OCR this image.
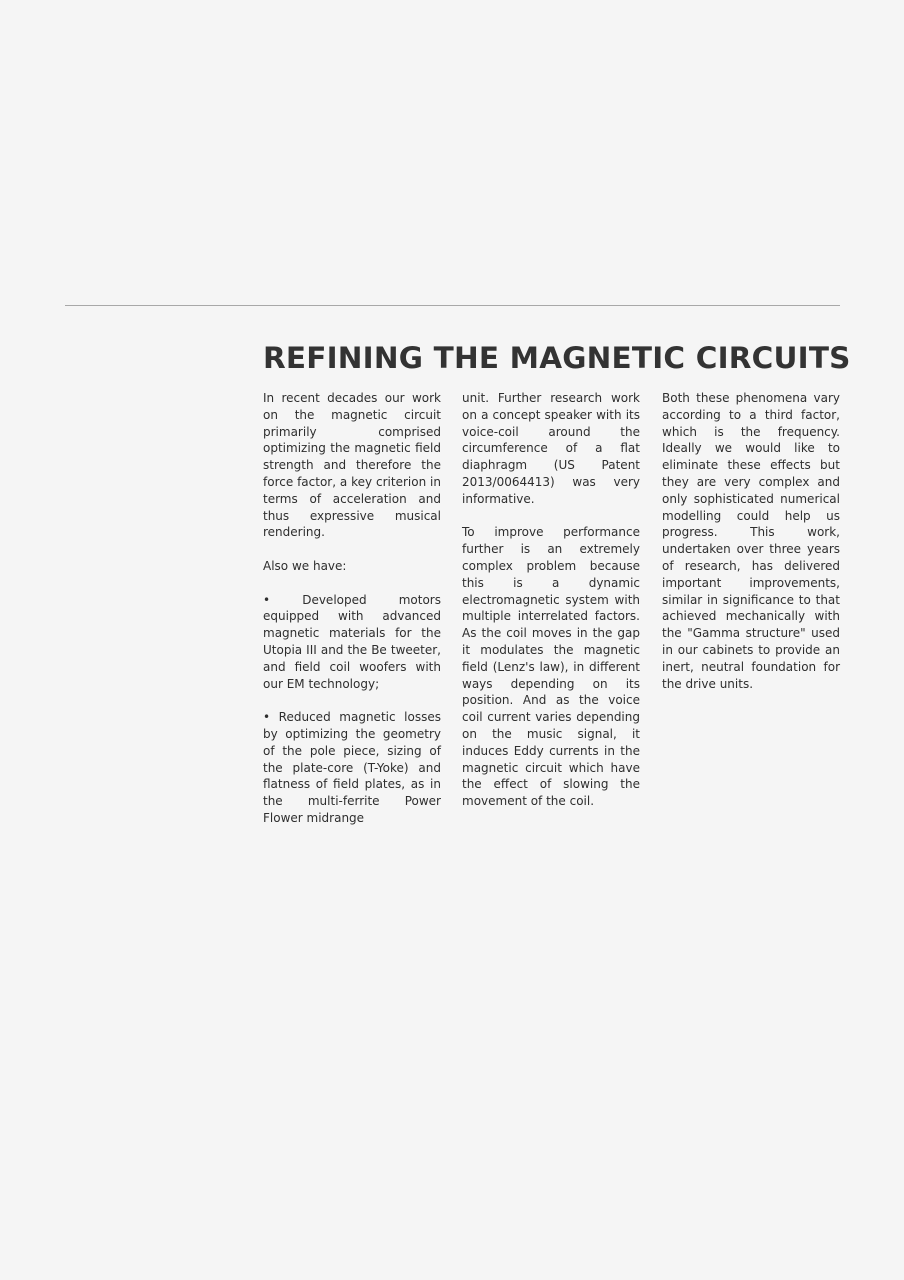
REFINING THE MAGNETIC CIRCUITS

In recent decades our work on the magnetic circuit primarily comprised optimizing the magnetic field strength and therefore the force factor, a key criterion in terms of acceleration and thus expressive musical rendering.

Also we have:

• Developed motors equipped with advanced magnetic materials for the Utopia III and the Be tweeter, and field coil woofers with our EM technology;

• Reduced magnetic losses by optimizing the geometry of the pole piece, sizing of the plate-core (T-Yoke) and flatness of field plates, as in the multi-ferrite Power Flower midrange

unit. Further research work on a concept speaker with its voice-coil around the circumference of a flat diaphragm (US Patent 2013/0064413) was very informative.

To improve performance further is an extremely complex problem because this is a dynamic electromagnetic system with multiple interrelated factors. As the coil moves in the gap it modulates the magnetic field (Lenz's law), in different ways depending on its position. And as the voice coil current varies depending on the music signal, it induces Eddy currents in the magnetic circuit which have the effect of slowing the movement of the coil.

Both these phenomena vary according to a third factor, which is the frequency. Ideally we would like to eliminate these effects but they are very complex and only sophisticated numerical modelling could help us progress. This work, undertaken over three years of research, has delivered important improvements, similar in significance to that achieved mechanically with the "Gamma structure" used in our cabinets to provide an inert, neutral foundation for the drive units.
